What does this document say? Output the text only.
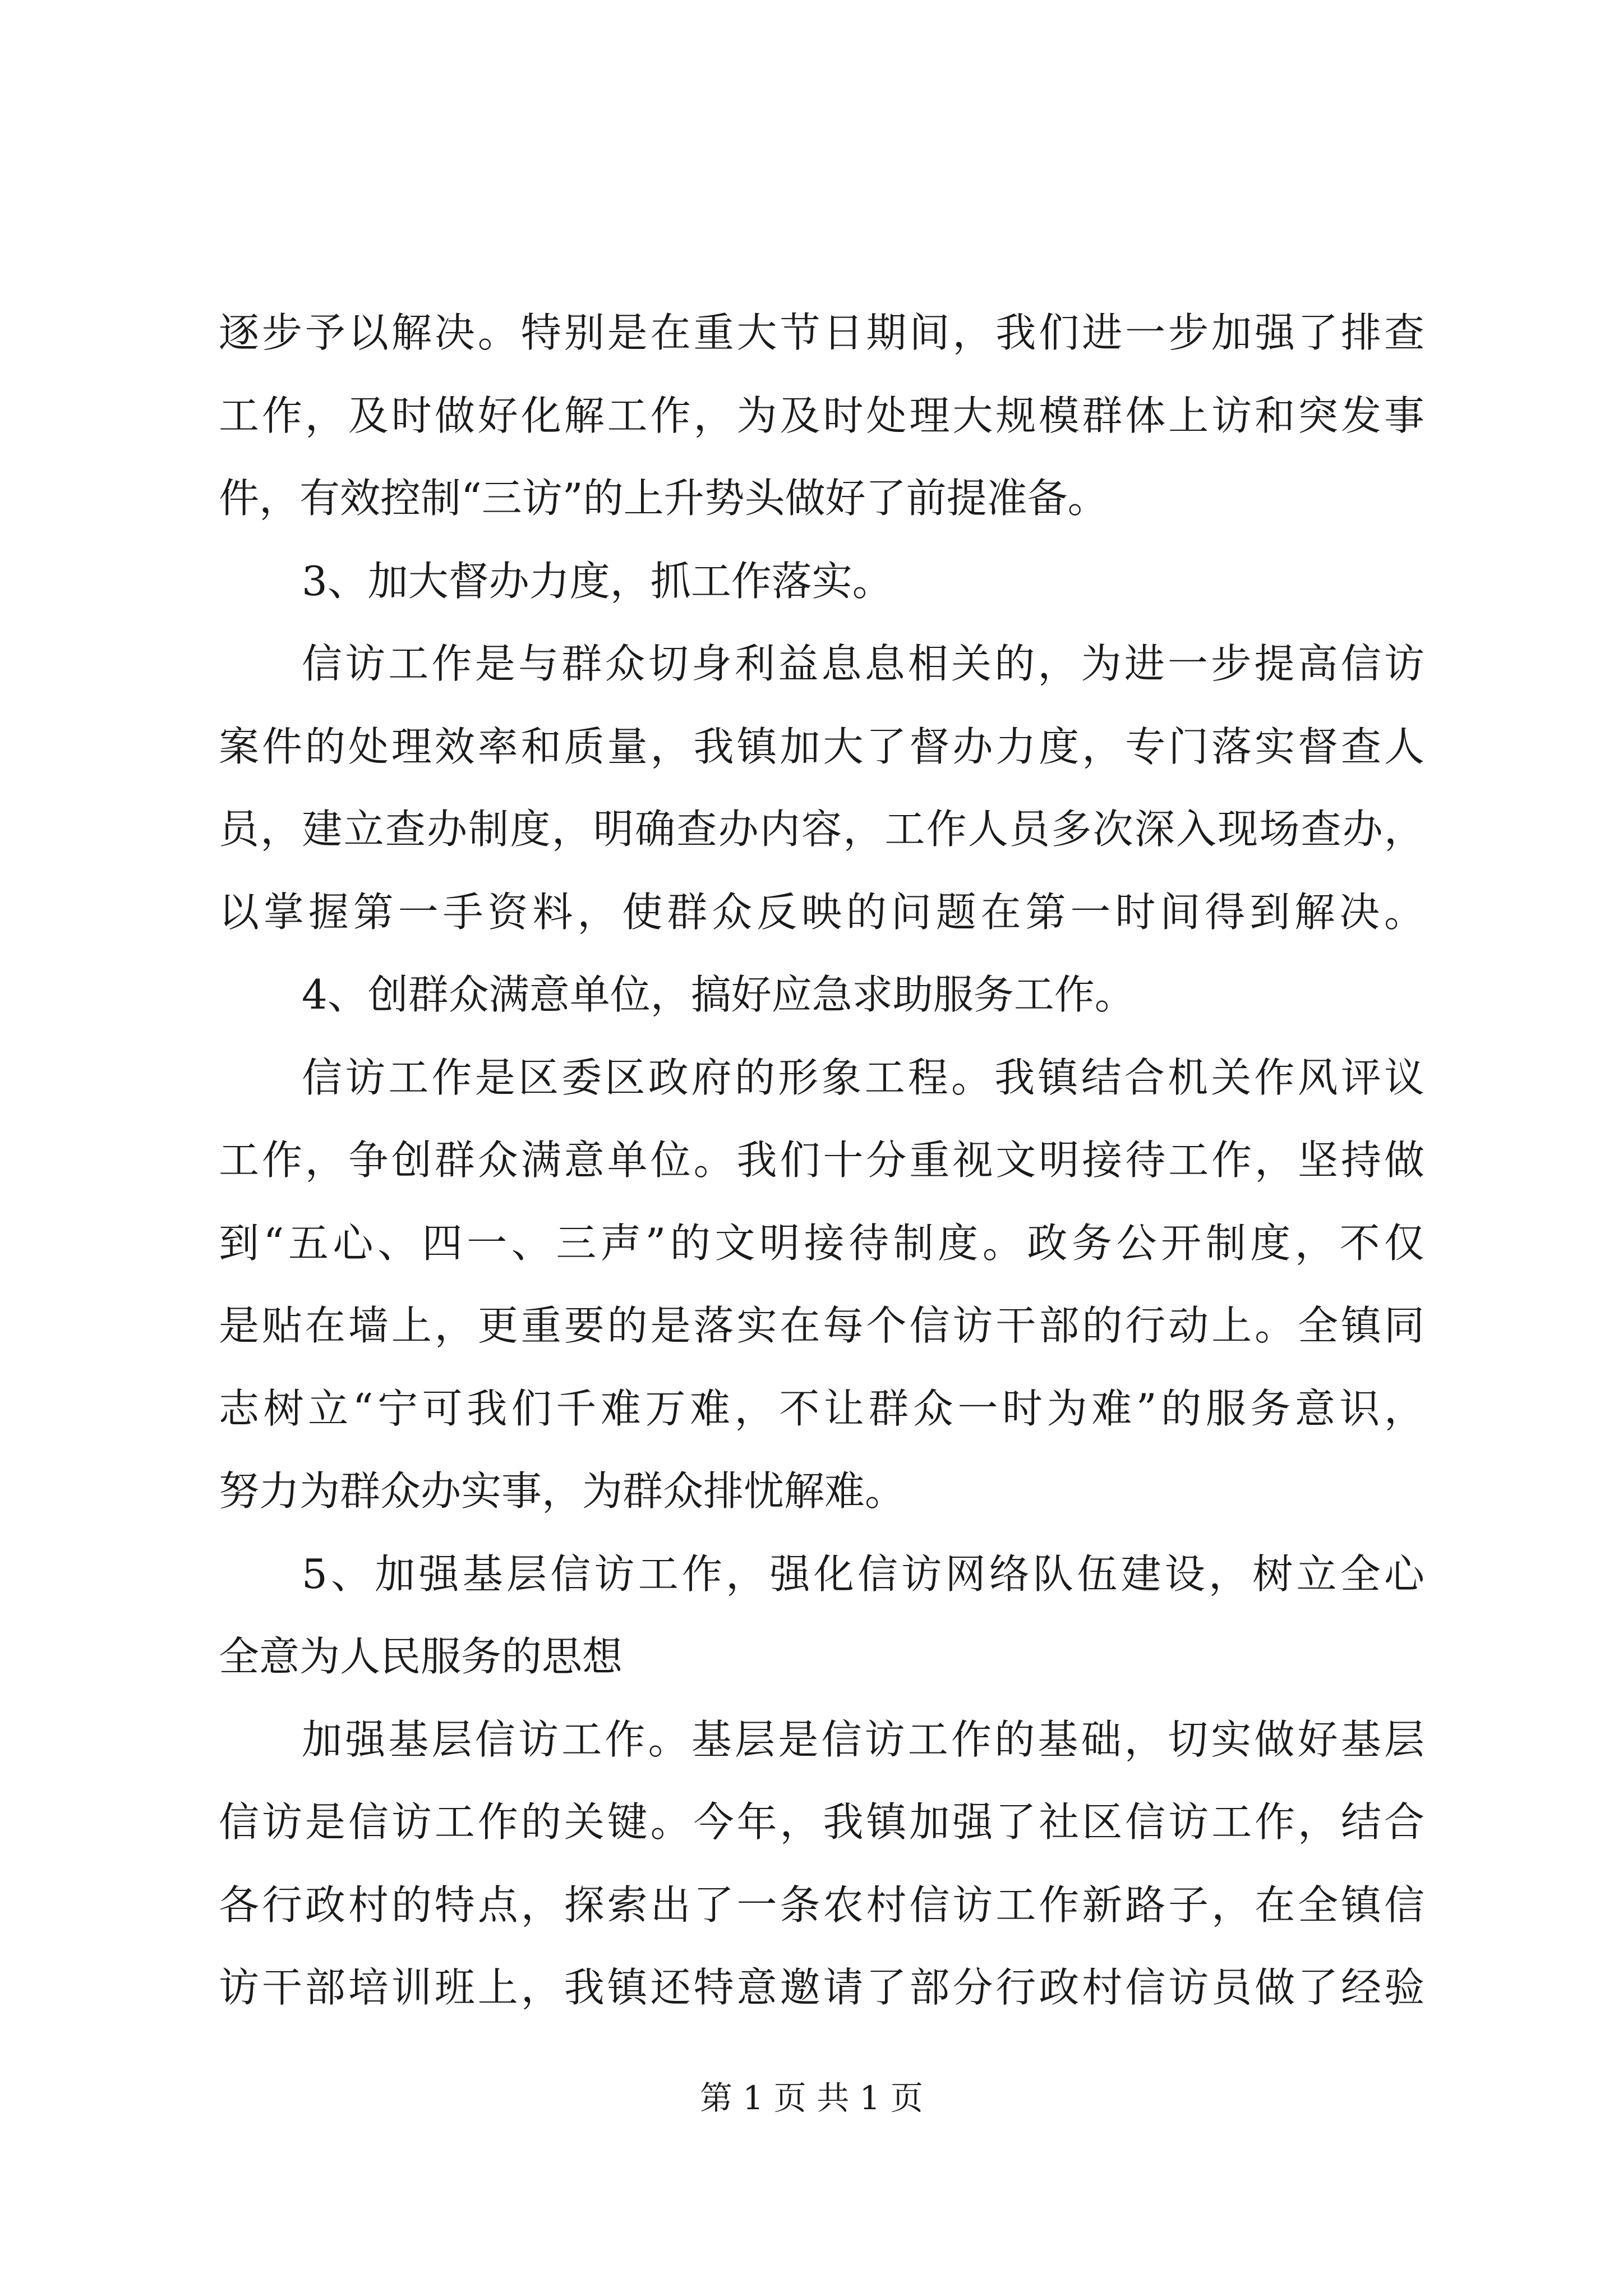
逐步予以解决。特别是在重大节日期间，我们进一步加强了排查
工作，及时做好化解工作，为及时处理大规模群体上访和突发事
件，有效控制“三访”的上升势头做好了前提准备。
3、加大督办力度，抓工作落实。
信访工作是与群众切身利益息息相关的，为进一步提高信访
案件的处理效率和质量，我镇加大了督办力度，专门落实督查人
员，建立查办制度，明确查办内容，工作人员多次深入现场查办，
以掌握第一手资料，使群众反映的问题在第一时间得到解决。
4、创群众满意单位，搞好应急求助服务工作。
信访工作是区委区政府的形象工程。我镇结合机关作风评议
工作，争创群众满意单位。我们十分重视文明接待工作，坚持做
到“五心、四一、三声”的文明接待制度。政务公开制度，不仅
是贴在墙上，更重要的是落实在每个信访干部的行动上。全镇同
志树立“宁可我们千难万难，不让群众一时为难”的服务意识，
努力为群众办实事，为群众排忧解难。
5、加强基层信访工作，强化信访网络队伍建设，树立全心
全意为人民服务的思想
加强基层信访工作。基层是信访工作的基础，切实做好基层
信访是信访工作的关键。今年，我镇加强了社区信访工作，结合
各行政村的特点，探索出了一条农村信访工作新路子，在全镇信
访干部培训班上，我镇还特意邀请了部分行政村信访员做了经验
第 1 页 共 1 页
